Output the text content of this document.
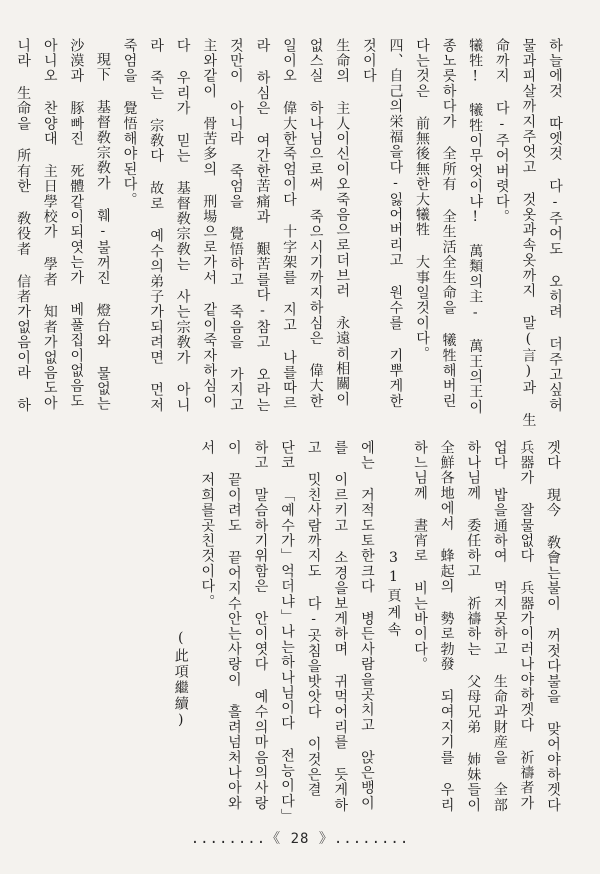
하늘에것 따엣것 다-주어도 오히려 더주고싶허
물과피살까지주엇고 것옷과속옷까지 말(言)과 生
命까지 다-주어버렷다。
犧牲! 犧牲이무엇이냐! 萬類의主- 萬王의王이
종노릇하다가 全所有 全生活全生命을 犧牲해버린
다는것은 前無後無한大犧牲 大事일것이다。
四、自己의栄福을다-잃어버리고 원수를 기뿌게한
것이다
生命의 主人이신이오죽음으로더브러 永遠히相關이
없스실 하나님으로써 죽으시기까지하심은 偉大한
일이오 偉大한죽엄이다 十字架를 지고 나를따르
라 하심은 여간한苦痛과 艱苦를다-참고 오라는
것만이 아니라 죽엄을 覺悟하고 죽음을 가지고
主와같이 骨苦多의 刑場으로가서 같이죽자하심이
다 우리가 믿는 基督敎宗敎는 사는宗敎가 아니
라 죽는 宗敎다 故로 예수의弟子가되려면 먼저
죽엄을 覺悟해야된다。
現下 基督敎宗敎가 훼-불꺼진 燈台와 물없는
沙漠과 豚빠진 死體같이되엿는가 베풀집이없음도
아니오 찬양대 主日學校가 學者 知者가없음도아
니라 生命을 所有한 敎役者 信者가없음이라 하
겟다 現今 敎會는불이 꺼젓다불을 맞어야하겟다
兵器가 잘물없다 兵器가이러나야하겟다 祈禱者가
업다 밥을通하여 먹지못하고 生命과財産을 全部
하나님께 委任하고 祈禱하는 父母兄弟 姉妹들이
全鮮各地에서 蜂起의 勢로勃發 되여지기를 우리
하느님께 晝宵로 비는바이다。
31頁계속
에는 거적도토한크다 병든사람을곳치고 앉은뱅이
를 이르키고 소경을보게하며 귀먹어리를 듯게하
고 밋친사람까지도 다-곳침을밧앗다 이것은결
단코 「예수가」억더냐」나는하나님이다 전능이다」
하고 말슴하기위함은 안이엿다 예수의마음의사랑
이 끝이려도 끝어지수안는사랑이 흘려넘처나아와
서 저희를곳친것이다。
(此項繼續)
........《 28 》........
